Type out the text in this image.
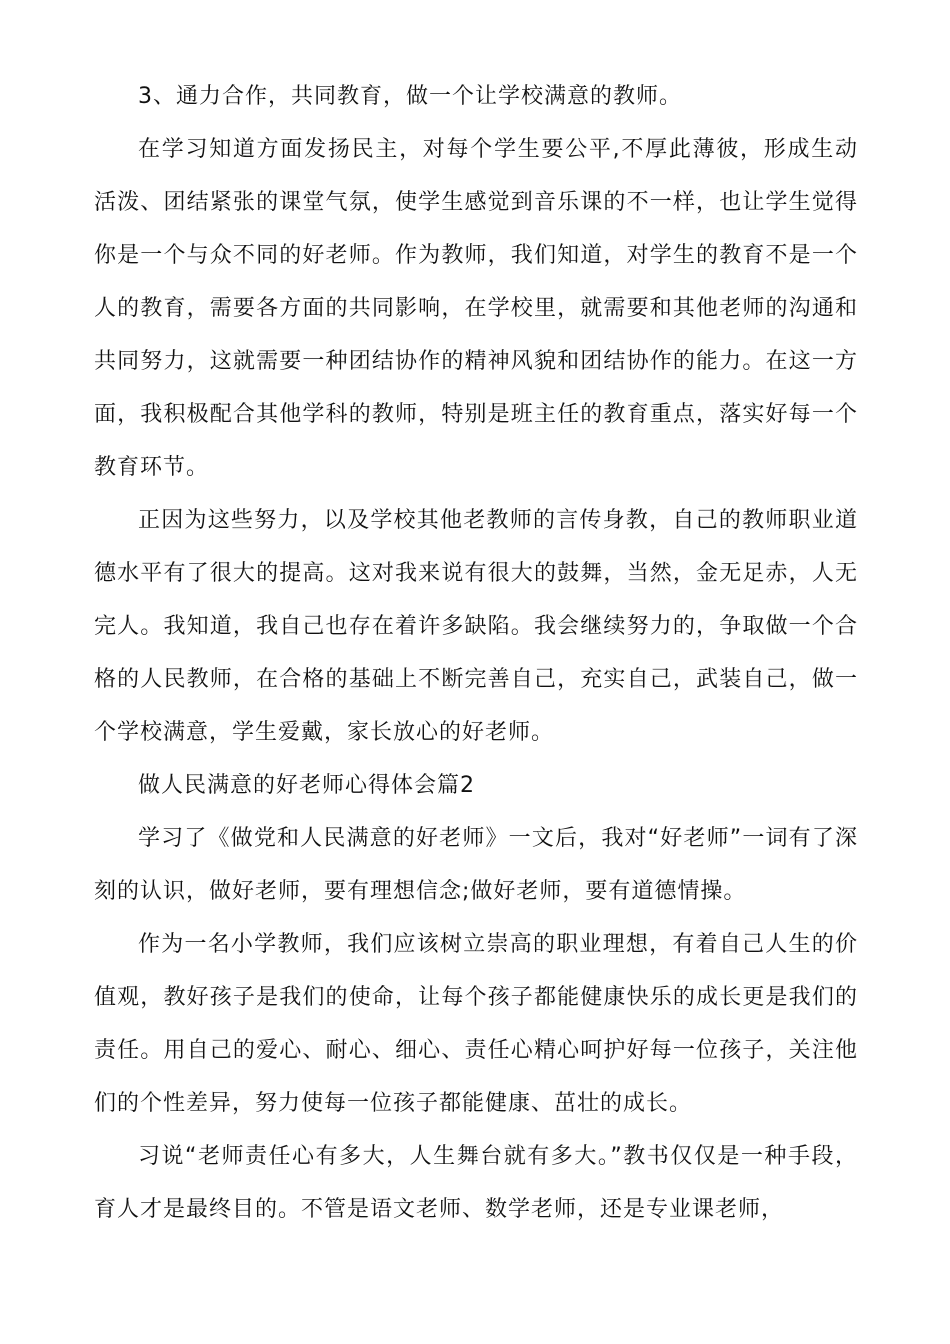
3、通力合作，共同教育，做一个让学校满意的教师。

在学习知道方面发扬民主，对每个学生要公平,不厚此薄彼，形成生动活泼、团结紧张的课堂气氛，使学生感觉到音乐课的不一样，也让学生觉得你是一个与众不同的好老师。作为教师，我们知道，对学生的教育不是一个人的教育，需要各方面的共同影响，在学校里，就需要和其他老师的沟通和共同努力，这就需要一种团结协作的精神风貌和团结协作的能力。在这一方面，我积极配合其他学科的教师，特别是班主任的教育重点，落实好每一个教育环节。

正因为这些努力，以及学校其他老教师的言传身教，自己的教师职业道德水平有了很大的提高。这对我来说有很大的鼓舞，当然，金无足赤，人无完人。我知道，我自己也存在着许多缺陷。我会继续努力的，争取做一个合格的人民教师，在合格的基础上不断完善自己，充实自己，武装自己，做一个学校满意，学生爱戴，家长放心的好老师。

做人民满意的好老师心得体会篇2

学习了《做党和人民满意的好老师》一文后，我对“好老师”一词有了深刻的认识，做好老师，要有理想信念;做好老师，要有道德情操。

作为一名小学教师，我们应该树立崇高的职业理想，有着自己人生的价值观，教好孩子是我们的使命，让每个孩子都能健康快乐的成长更是我们的责任。用自己的爱心、耐心、细心、责任心精心呵护好每一位孩子，关注他们的个性差异，努力使每一位孩子都能健康、茁壮的成长。

习说“老师责任心有多大，人生舞台就有多大。”教书仅仅是一种手段，育人才是最终目的。不管是语文老师、数学老师，还是专业课老师，
